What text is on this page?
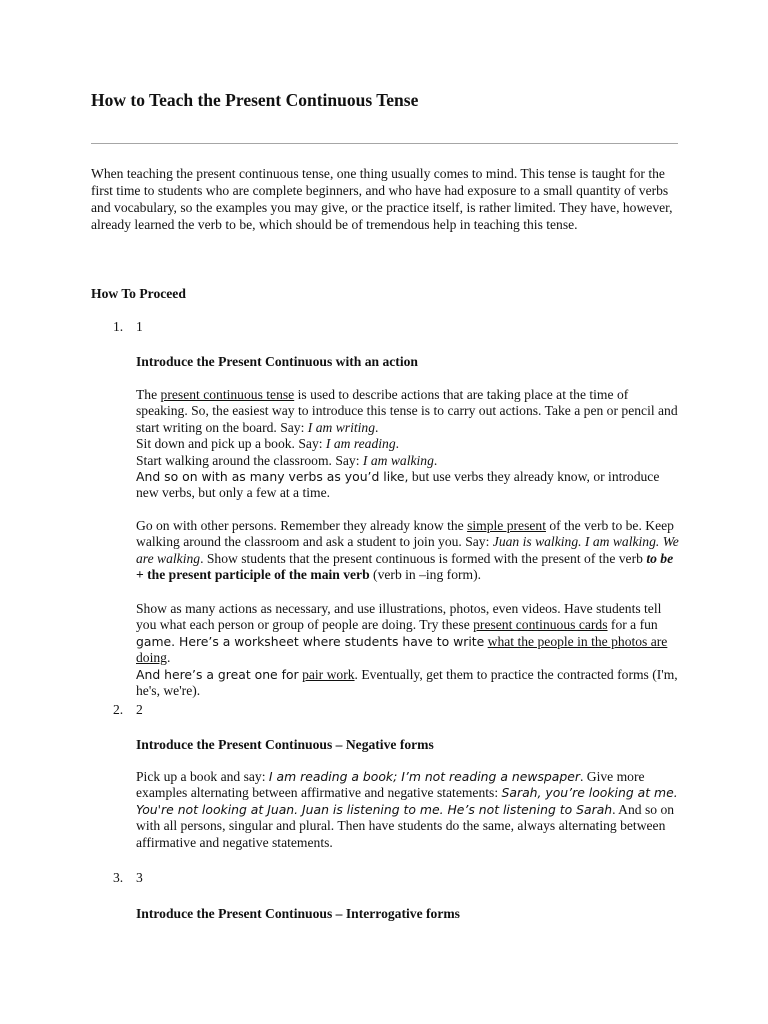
How to Teach the Present Continuous Tense

When teaching the present continuous tense, one thing usually comes to mind. This tense is taught for the first time to students who are complete beginners, and who have had exposure to a small quantity of verbs and vocabulary, so the examples you may give, or the practice itself, is rather limited. They have, however, already learned the verb to be, which should be of tremendous help in teaching this tense.

How To Proceed
1. 1
Introduce the Present Continuous with an action

The present continuous tense is used to describe actions that are taking place at the time of speaking. So, the easiest way to introduce this tense is to carry out actions. Take a pen or pencil and start writing on the board. Say: I am writing.
Sit down and pick up a book. Say: I am reading.
Start walking around the classroom. Say: I am walking.
And so on with as many verbs as you’d like, but use verbs they already know, or introduce new verbs, but only a few at a time.

Go on with other persons. Remember they already know the simple present of the verb to be. Keep walking around the classroom and ask a student to join you. Say: Juan is walking. I am walking. We are walking. Show students that the present continuous is formed with the present of the verb to be + the present participle of the main verb (verb in –ing form).

Show as many actions as necessary, and use illustrations, photos, even videos. Have students tell you what each person or group of people are doing. Try these present continuous cards for a fun game. Here’s a worksheet where students have to write what the people in the photos are doing.
And here’s a great one for pair work. Eventually, get them to practice the contracted forms (I'm, he's, we're).

2. 2
Introduce the Present Continuous – Negative forms

Pick up a book and say: I am reading a book; I’m not reading a newspaper. Give more examples alternating between affirmative and negative statements: Sarah, you’re looking at me. You're not looking at Juan. Juan is listening to me. He’s not listening to Sarah. And so on with all persons, singular and plural. Then have students do the same, always alternating between affirmative and negative statements.

3. 3
Introduce the Present Continuous – Interrogative forms
